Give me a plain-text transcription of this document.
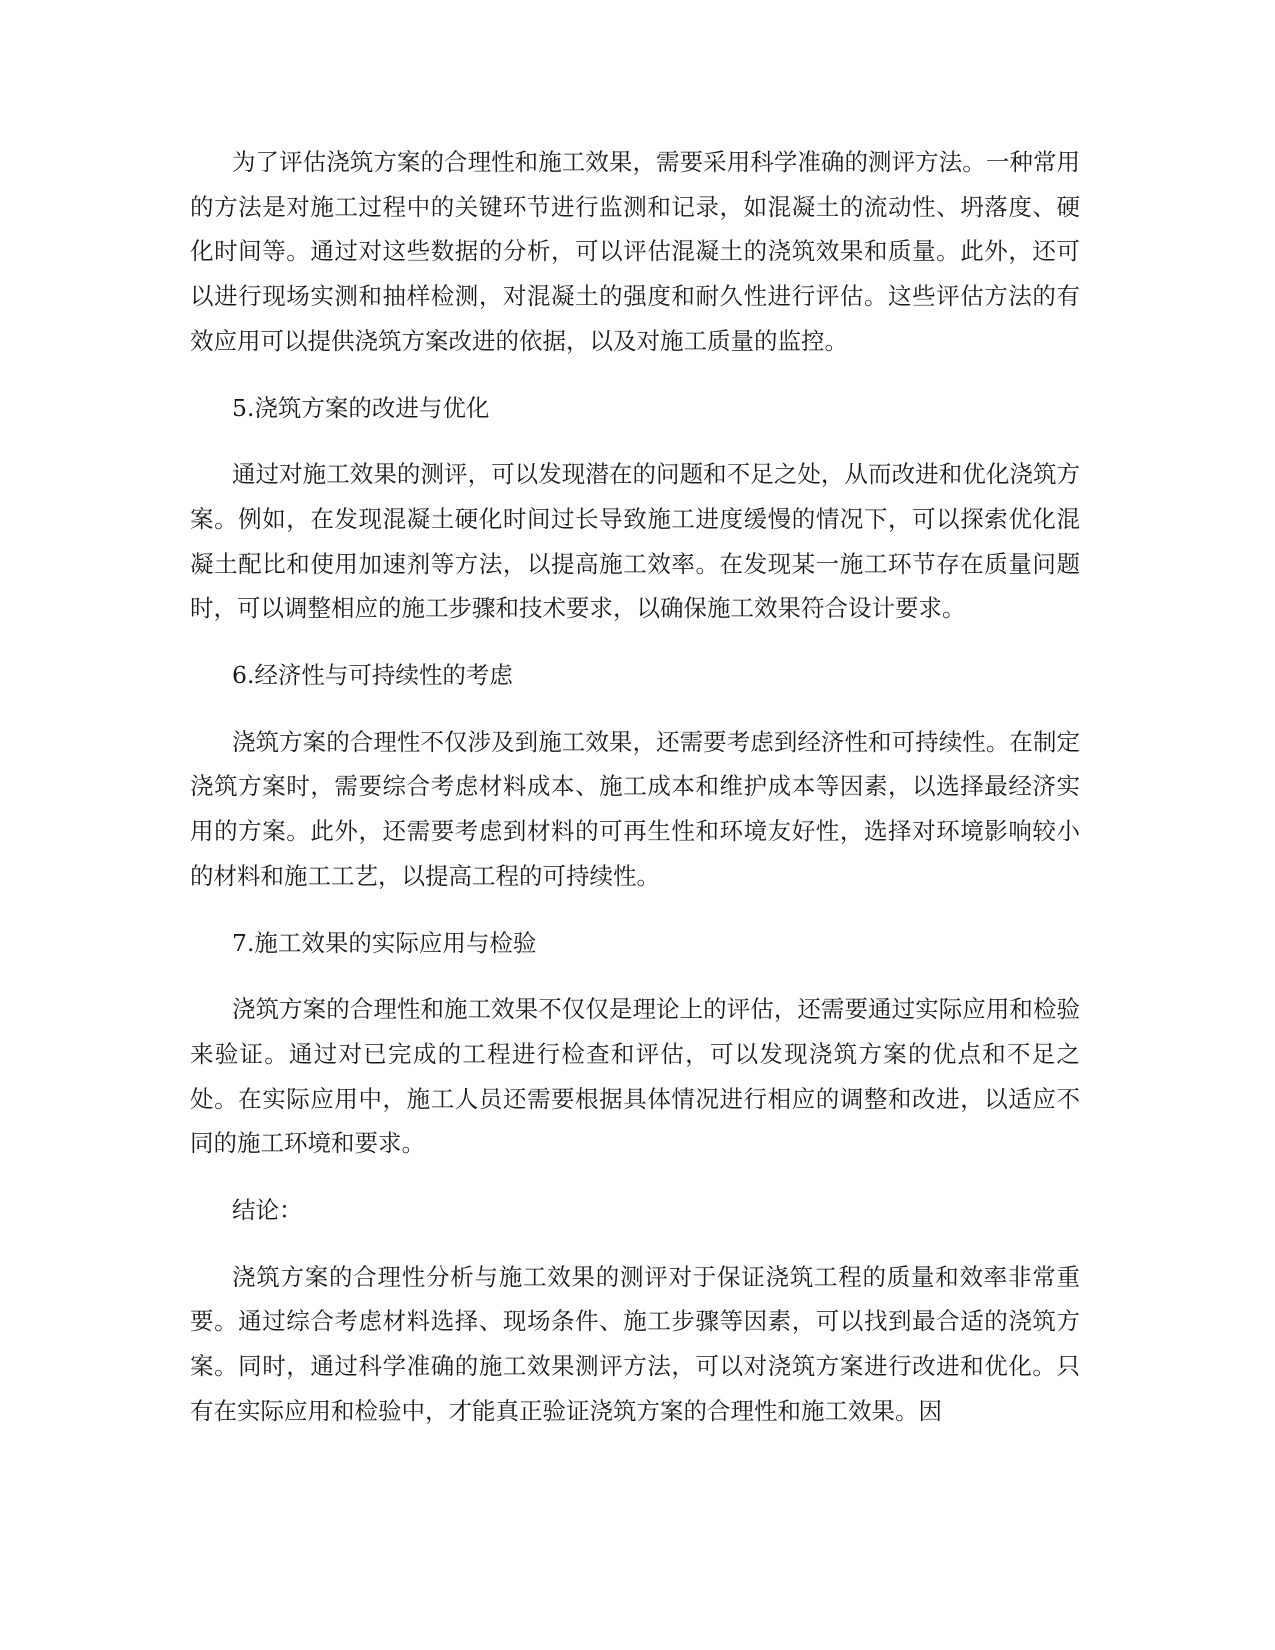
为了评估浇筑方案的合理性和施工效果，需要采用科学准确的测评方法。一种常用的方法是对施工过程中的关键环节进行监测和记录，如混凝土的流动性、坍落度、硬化时间等。通过对这些数据的分析，可以评估混凝土的浇筑效果和质量。此外，还可以进行现场实测和抽样检测，对混凝土的强度和耐久性进行评估。这些评估方法的有效应用可以提供浇筑方案改进的依据，以及对施工质量的监控。

5.浇筑方案的改进与优化

通过对施工效果的测评，可以发现潜在的问题和不足之处，从而改进和优化浇筑方案。例如，在发现混凝土硬化时间过长导致施工进度缓慢的情况下，可以探索优化混凝土配比和使用加速剂等方法，以提高施工效率。在发现某一施工环节存在质量问题时，可以调整相应的施工步骤和技术要求，以确保施工效果符合设计要求。

6.经济性与可持续性的考虑

浇筑方案的合理性不仅涉及到施工效果，还需要考虑到经济性和可持续性。在制定浇筑方案时，需要综合考虑材料成本、施工成本和维护成本等因素，以选择最经济实用的方案。此外，还需要考虑到材料的可再生性和环境友好性，选择对环境影响较小的材料和施工工艺，以提高工程的可持续性。

7.施工效果的实际应用与检验

浇筑方案的合理性和施工效果不仅仅是理论上的评估，还需要通过实际应用和检验来验证。通过对已完成的工程进行检查和评估，可以发现浇筑方案的优点和不足之处。在实际应用中，施工人员还需要根据具体情况进行相应的调整和改进，以适应不同的施工环境和要求。

结论：

浇筑方案的合理性分析与施工效果的测评对于保证浇筑工程的质量和效率非常重要。通过综合考虑材料选择、现场条件、施工步骤等因素，可以找到最合适的浇筑方案。同时，通过科学准确的施工效果测评方法，可以对浇筑方案进行改进和优化。只有在实际应用和检验中，才能真正验证浇筑方案的合理性和施工效果。因
